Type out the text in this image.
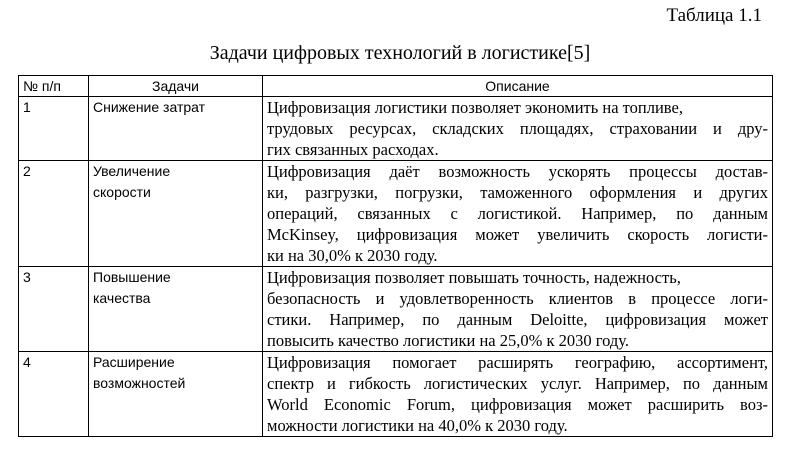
Таблица 1.1
Задачи цифровых технологий в логистике[5]
№ п/п	Задачи	Описание
1	Снижение затрат	Цифровизация логистики позволяет экономить на топливе,
трудовых ресурсах, складских площадях, страховании и дру-
гих связанных расходах.

2	Увеличение
скорости	Цифровизация даёт возможность ускорять процессы достав-
ки, разгрузки, погрузки, таможенного оформления и других
операций, связанных с логистикой. Например, по данным
McKinsey, цифровизация может увеличить скорость логисти-
ки на 30,0% к 2030 году.

3	Повышение
качества	Цифровизация позволяет повышать точность, надежность,
безопасность и удовлетворенность клиентов в процессе логи-
стики. Например, по данным Deloitte, цифровизация может
повысить качество логистики на 25,0% к 2030 году.

4	Расширение
возможностей	Цифровизация помогает расширять географию, ассортимент,
спектр и гибкость логистических услуг. Например, по данным
World Economic Forum, цифровизация может расширить воз-
можности логистики на 40,0% к 2030 году.
